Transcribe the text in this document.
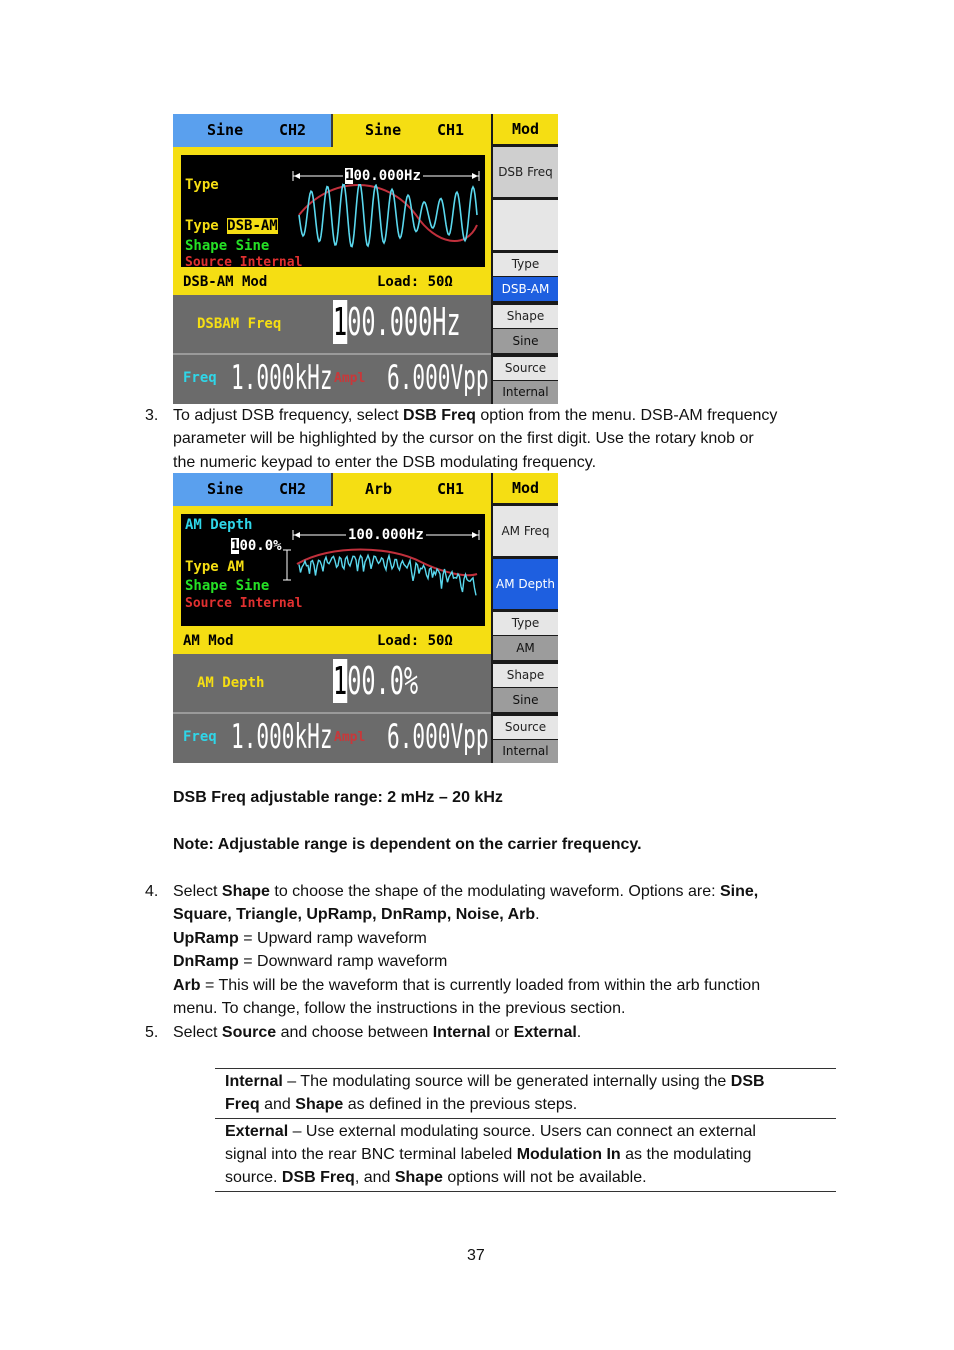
Sine CH2	Sine CH1
Type
100.000Hz
Type DSB-AM
Shape Sine
Source Internal
DSB-AM Mod	Load: 50Ω
DSBAM Freq 100.000Hz
Freq 1.000kHz Ampl 6.000Vpp
Mod
DSB Freq
Type
DSB-AM
Shape
Sine
Source
Internal
3. To adjust DSB frequency, select DSB Freq option from the menu. DSB-AM frequency
parameter will be highlighted by the cursor on the first digit. Use the rotary knob or
the numeric keypad to enter the DSB modulating frequency.
Sine CH2	Arb	CH1
AM Depth
100.000Hz
100.0%
Type AM
Shape Sine
Source Internal
AM Mod	Load: 50Ω
AM Depth 100.0%
Freq 1.000kHz Ampl 6.000Vpp
Mod
AM Freq
AM Depth
Type
AM
Shape
Sine
Source
Internal
DSB Freq adjustable range: 2 mHz – 20 kHz
Note: Adjustable range is dependent on the carrier frequency.
4. Select Shape to choose the shape of the modulating waveform. Options are: Sine,
Square, Triangle, UpRamp, DnRamp, Noise, Arb.
UpRamp = Upward ramp waveform
DnRamp = Downward ramp waveform
Arb = This will be the waveform that is currently loaded from within the arb function
menu. To change, follow the instructions in the previous section.
5. Select Source and choose between Internal or External.
Internal – The modulating source will be generated internally using the DSB
Freq and Shape as defined in the previous steps.
External – Use external modulating source. Users can connect an external
signal into the rear BNC terminal labeled Modulation In as the modulating
source. DSB Freq, and Shape options will not be available.
37
